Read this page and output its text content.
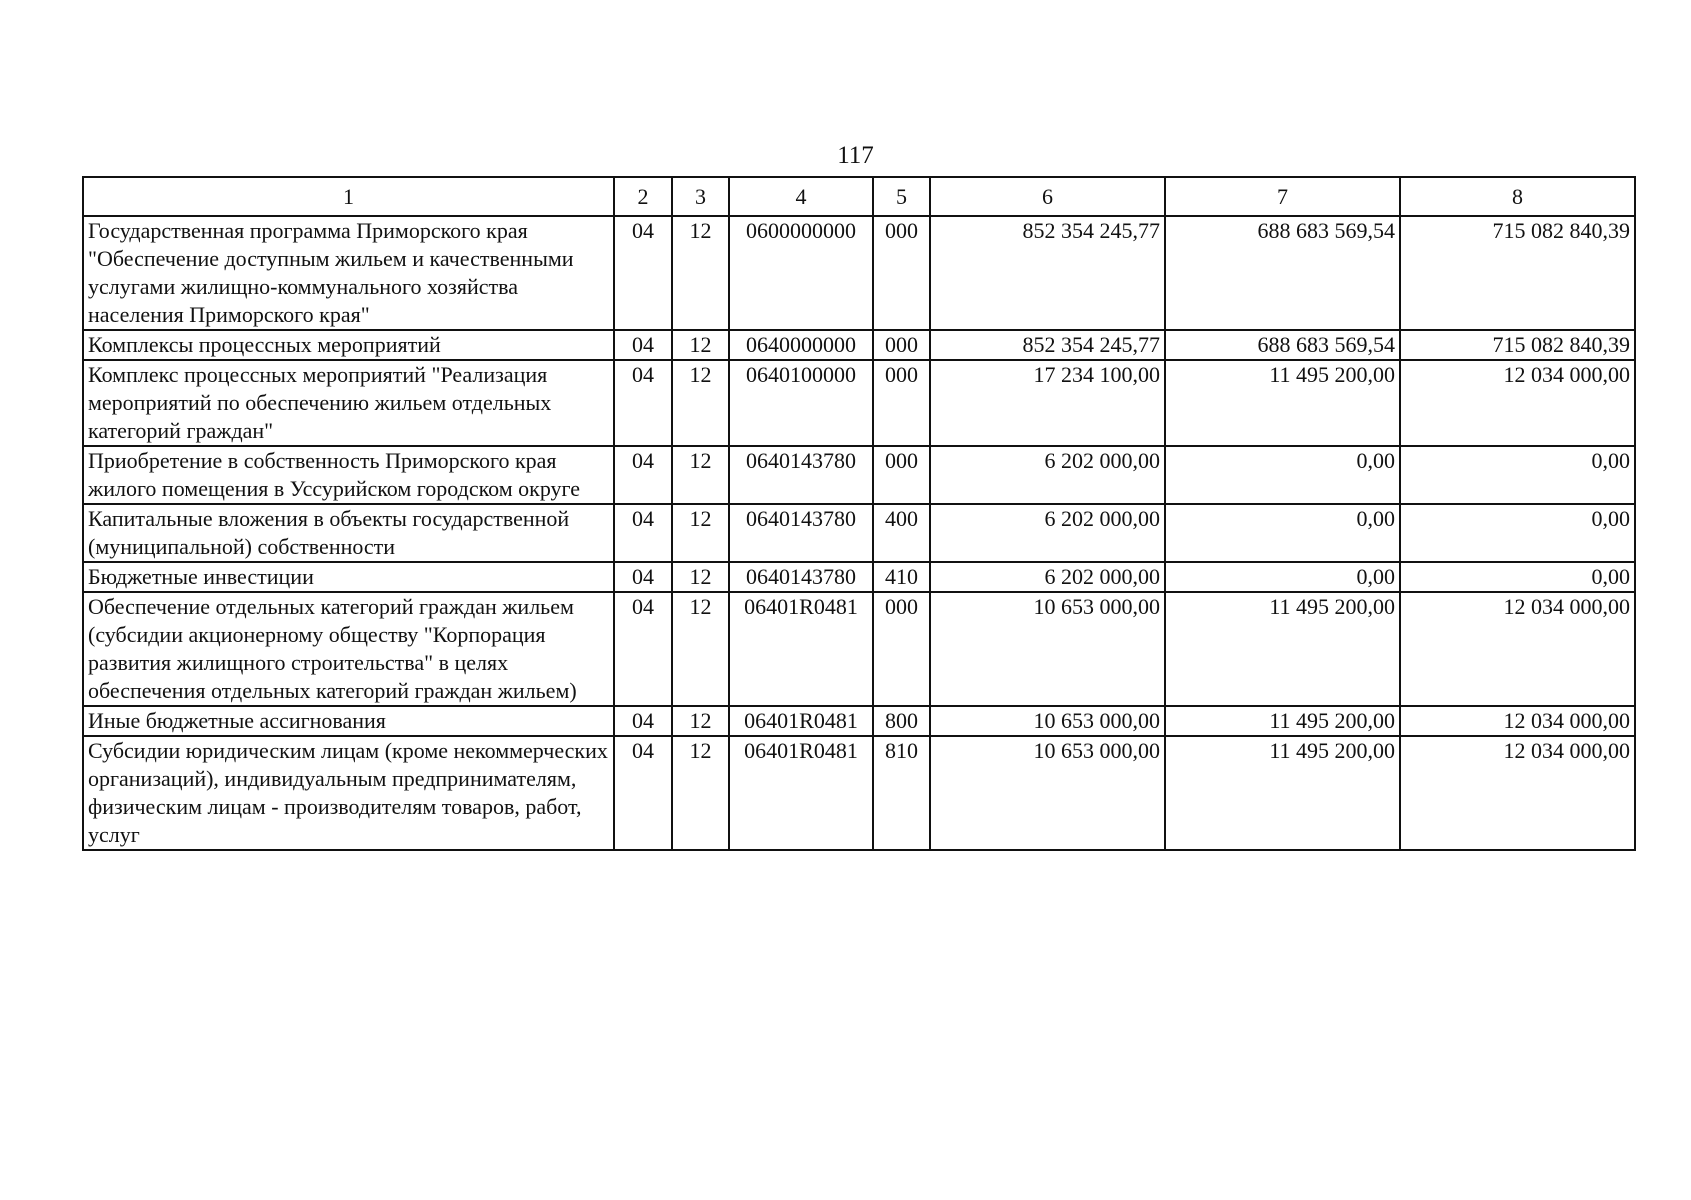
117
1	2	3	4	5	6	7	8
Государственная программа Приморского края "Обеспечение доступным жильем и качественными услугами жилищно-коммунального хозяйства населения Приморского края"	04	12	0600000000	000	852 354 245,77	688 683 569,54	715 082 840,39
Комплексы процессных мероприятий	04	12	0640000000	000	852 354 245,77	688 683 569,54	715 082 840,39
Комплекс процессных мероприятий "Реализация мероприятий по обеспечению жильем отдельных категорий граждан"	04	12	0640100000	000	17 234 100,00	11 495 200,00	12 034 000,00
Приобретение в собственность Приморского края жилого помещения в Уссурийском городском округе	04	12	0640143780	000	6 202 000,00	0,00	0,00
Капитальные вложения в объекты государственной (муниципальной) собственности	04	12	0640143780	400	6 202 000,00	0,00	0,00
Бюджетные инвестиции	04	12	0640143780	410	6 202 000,00	0,00	0,00
Обеспечение отдельных категорий граждан жильем (субсидии акционерному обществу "Корпорация развития жилищного строительства" в целях обеспечения отдельных категорий граждан жильем)	04	12	06401R0481	000	10 653 000,00	11 495 200,00	12 034 000,00
Иные бюджетные ассигнования	04	12	06401R0481	800	10 653 000,00	11 495 200,00	12 034 000,00
Субсидии юридическим лицам (кроме некоммерческих организаций), индивидуальным предпринимателям, физическим лицам - производителям товаров, работ, услуг	04	12	06401R0481	810	10 653 000,00	11 495 200,00	12 034 000,00
